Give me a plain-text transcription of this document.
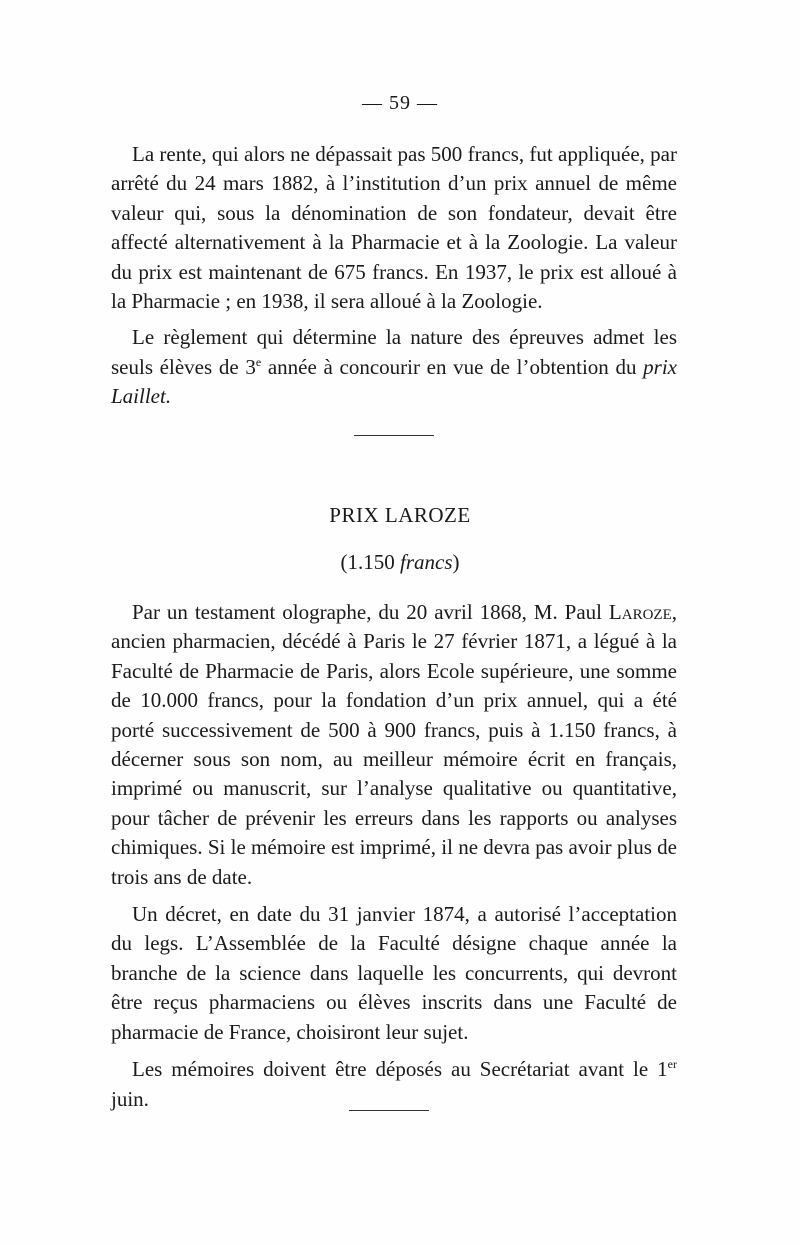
— 59 —

La rente, qui alors ne dépassait pas 500 francs, fut appliquée, par arrêté du 24 mars 1882, à l’institution d’un prix annuel de même valeur qui, sous la dénomination de son fondateur, devait être affecté alternativement à la Pharmacie et à la Zoologie. La valeur du prix est maintenant de 675 francs. En 1937, le prix est alloué à la Pharmacie ; en 1938, il sera alloué à la Zoologie.

Le règlement qui détermine la nature des épreuves admet les seuls élèves de 3e année à concourir en vue de l’obtention du prix Laillet.

PRIX LAROZE
(1.150 francs)

Par un testament olographe, du 20 avril 1868, M. Paul Laroze, ancien pharmacien, décédé à Paris le 27 février 1871, a légué à la Faculté de Pharmacie de Paris, alors Ecole supérieure, une somme de 10.000 francs, pour la fondation d’un prix annuel, qui a été porté successivement de 500 à 900 francs, puis à 1.150 francs, à décerner sous son nom, au meilleur mémoire écrit en français, imprimé ou manuscrit, sur l’analyse qualitative ou quantitative, pour tâcher de prévenir les erreurs dans les rapports ou analyses chimiques. Si le mémoire est imprimé, il ne devra pas avoir plus de trois ans de date.

Un décret, en date du 31 janvier 1874, a autorisé l’acceptation du legs. L’Assemblée de la Faculté désigne chaque année la branche de la science dans laquelle les concurrents, qui devront être reçus pharmaciens ou élèves inscrits dans une Faculté de pharmacie de France, choisiront leur sujet.

Les mémoires doivent être déposés au Secrétariat avant le 1er juin.
